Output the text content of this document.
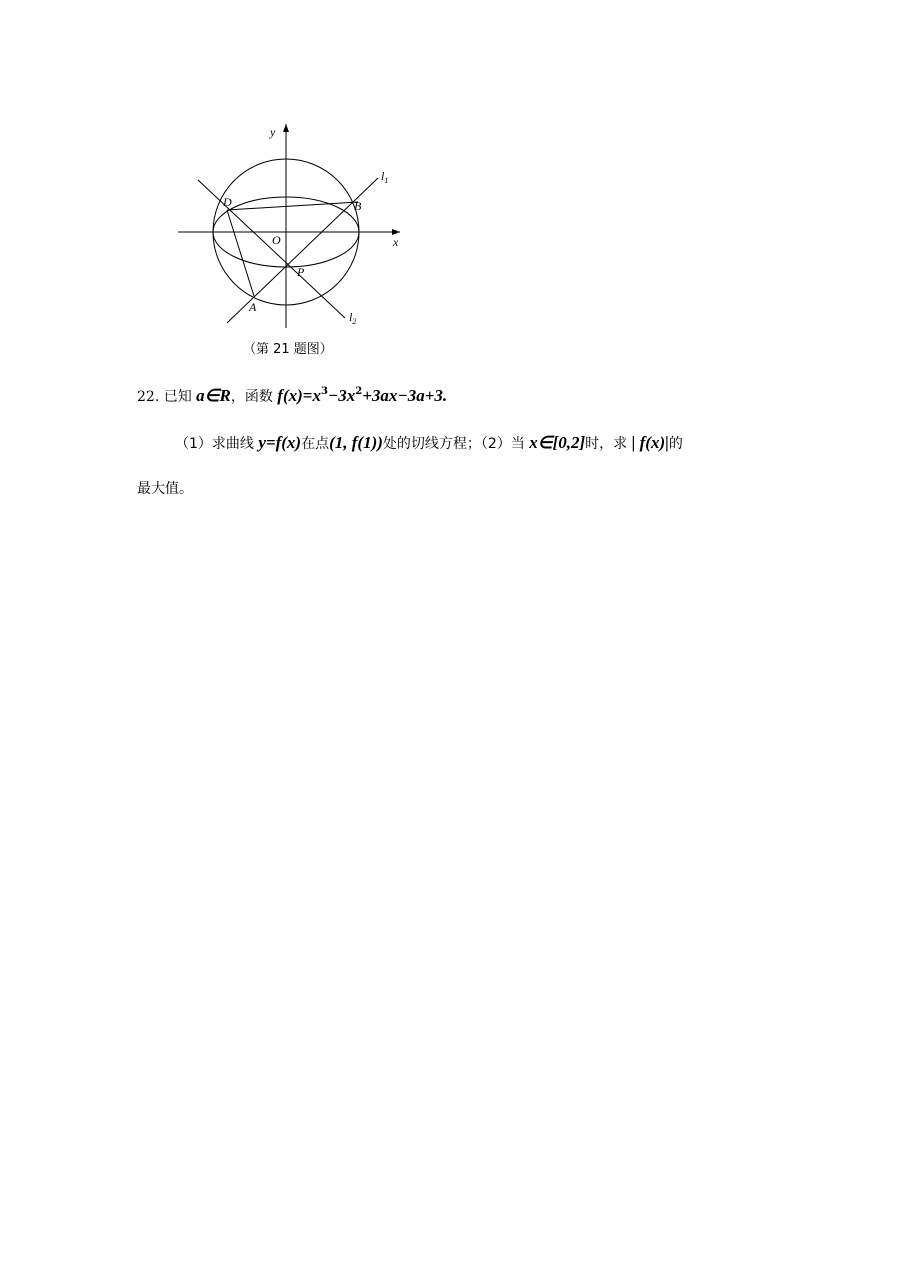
y
x
O
D	B
P
A
$l_1$
$l_2$
（第 21 题图）
22. 已知 a∈R，函数 $f(x)=x^3-3x^2+3ax-3a+3$.
（1）求曲线 y=f(x)在点(1, f(1))处的切线方程；（2）当 x∈[0,2]时，求 | f(x)|的
最大值。
